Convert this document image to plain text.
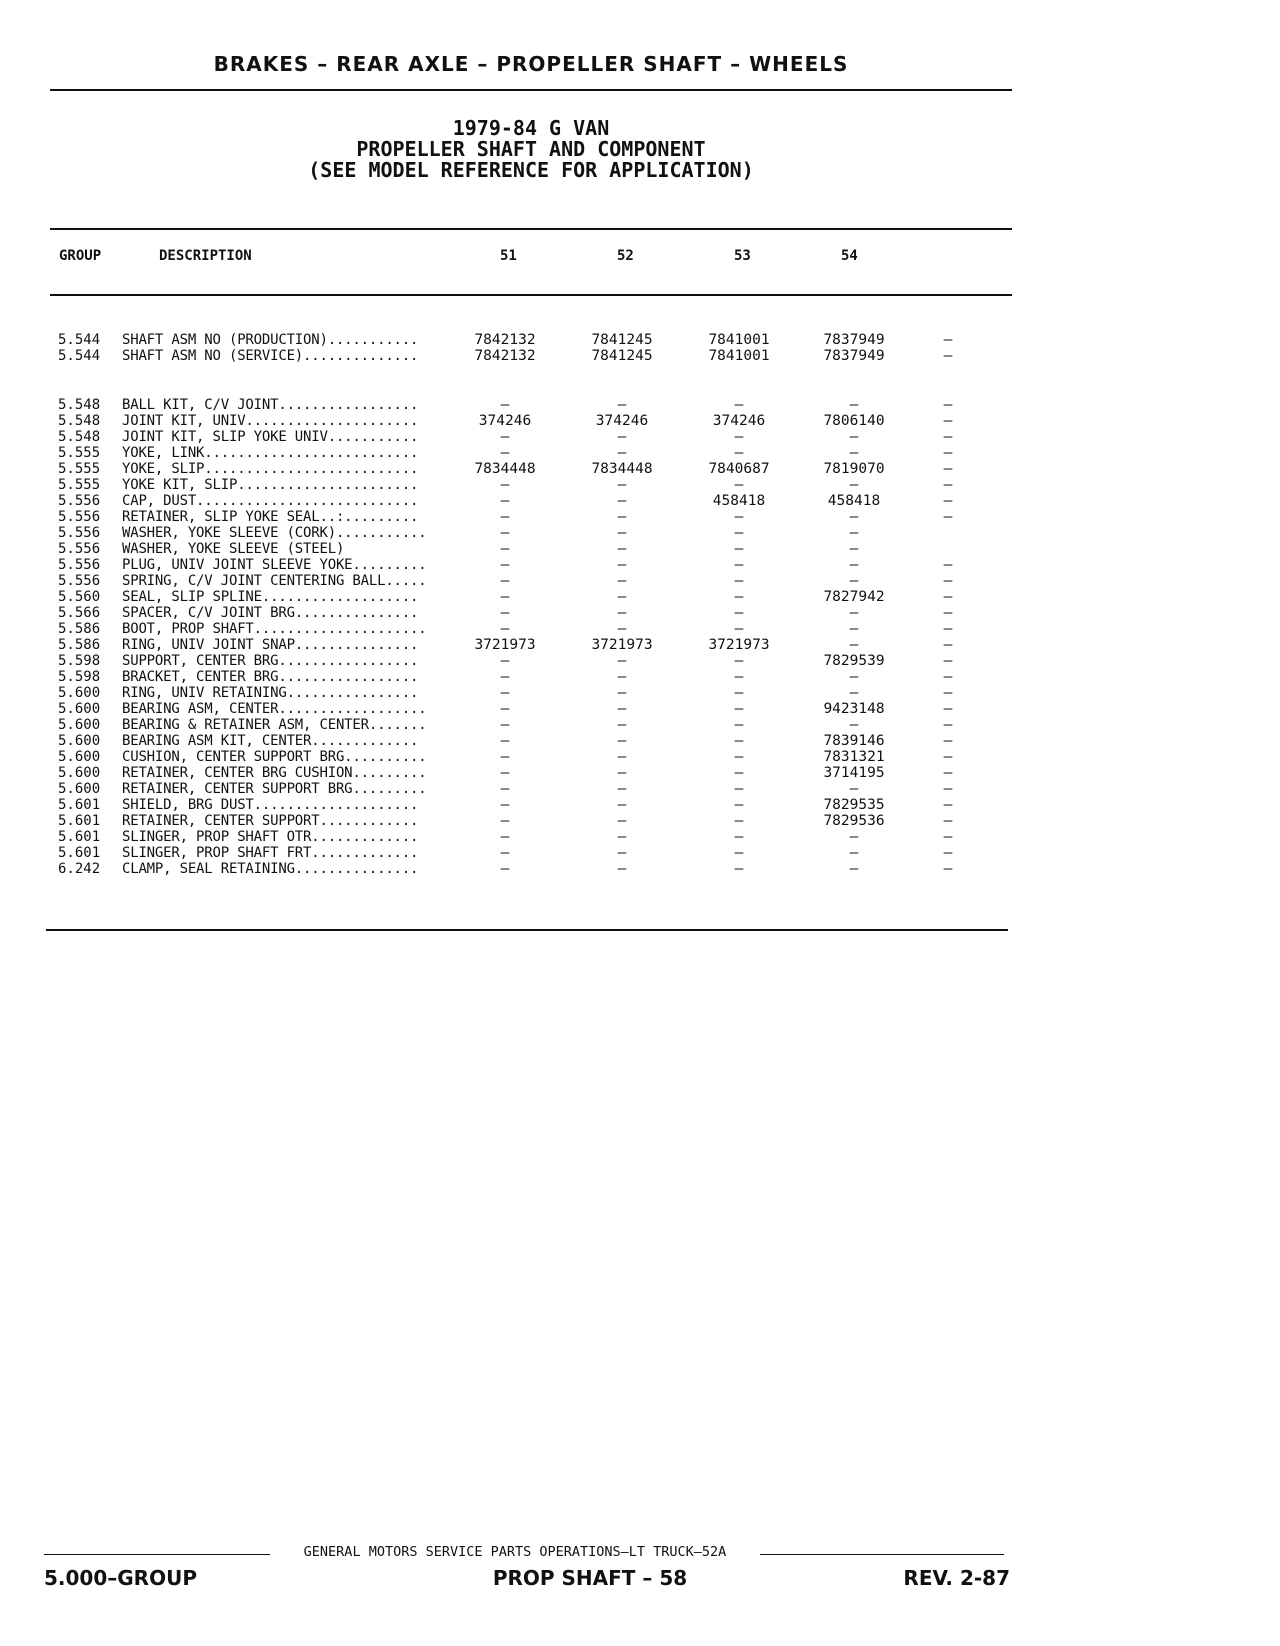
BRAKES – REAR AXLE – PROPELLER SHAFT – WHEELS
1979-84 G VAN
PROPELLER SHAFT AND COMPONENT
(SEE MODEL REFERENCE FOR APPLICATION)
GROUP	DESCRIPTION	51	52	53	54
5.544	SHAFT ASM NO (PRODUCTION)...........	7842132	7841245	7841001	7837949	—
5.544	SHAFT ASM NO (SERVICE)..............	7842132	7841245	7841001	7837949	—
5.548	BALL KIT, C/V JOINT.................	—	—	—	—	—
5.548	JOINT KIT, UNIV.....................	374246	374246	374246	7806140	—
5.548	JOINT KIT, SLIP YOKE UNIV...........	—	—	—	—	—
5.555	YOKE, LINK..........................	—	—	—	—	—
5.555	YOKE, SLIP..........................	7834448	7834448	7840687	7819070	—
5.555	YOKE KIT, SLIP......................	—	—	—	—	—
5.556	CAP, DUST...........................	—	—	458418	458418	—
5.556	RETAINER, SLIP YOKE SEAL..:.........	—	—	—	—	—
5.556	WASHER, YOKE SLEEVE (CORK)...........	—	—	—	—
5.556	WASHER, YOKE SLEEVE (STEEL)	—	—	—	—
5.556	PLUG, UNIV JOINT SLEEVE YOKE.........	—	—	—	—	—
5.556	SPRING, C/V JOINT CENTERING BALL.....	—	—	—	—	—
5.560	SEAL, SLIP SPLINE...................	—	—	—	7827942	—
5.566	SPACER, C/V JOINT BRG...............	—	—	—	—	—
5.586	BOOT, PROP SHAFT.....................	—	—	—	—	—
5.586	RING, UNIV JOINT SNAP...............	3721973	3721973	3721973	—	—
5.598	SUPPORT, CENTER BRG.................	—	—	—	7829539	—
5.598	BRACKET, CENTER BRG.................	—	—	—	—	—
5.600	RING, UNIV RETAINING................	—	—	—	—	—
5.600	BEARING ASM, CENTER..................	—	—	—	9423148	—
5.600	BEARING & RETAINER ASM, CENTER.......	—	—	—	—	—
5.600	BEARING ASM KIT, CENTER.............	—	—	—	7839146	—
5.600	CUSHION, CENTER SUPPORT BRG..........	—	—	—	7831321	—
5.600	RETAINER, CENTER BRG CUSHION.........	—	—	—	3714195	—
5.600	RETAINER, CENTER SUPPORT BRG.........	—	—	—	—	—
5.601	SHIELD, BRG DUST....................	—	—	—	7829535	—
5.601	RETAINER, CENTER SUPPORT............	—	—	—	7829536	—
5.601	SLINGER, PROP SHAFT OTR.............	—	—	—	—	—
5.601	SLINGER, PROP SHAFT FRT.............	—	—	—	—	—
6.242	CLAMP, SEAL RETAINING...............	—	—	—	—	—
GENERAL MOTORS SERVICE PARTS OPERATIONS—LT TRUCK—52A
5.000–GROUP	PROP SHAFT – 58	REV. 2-87
